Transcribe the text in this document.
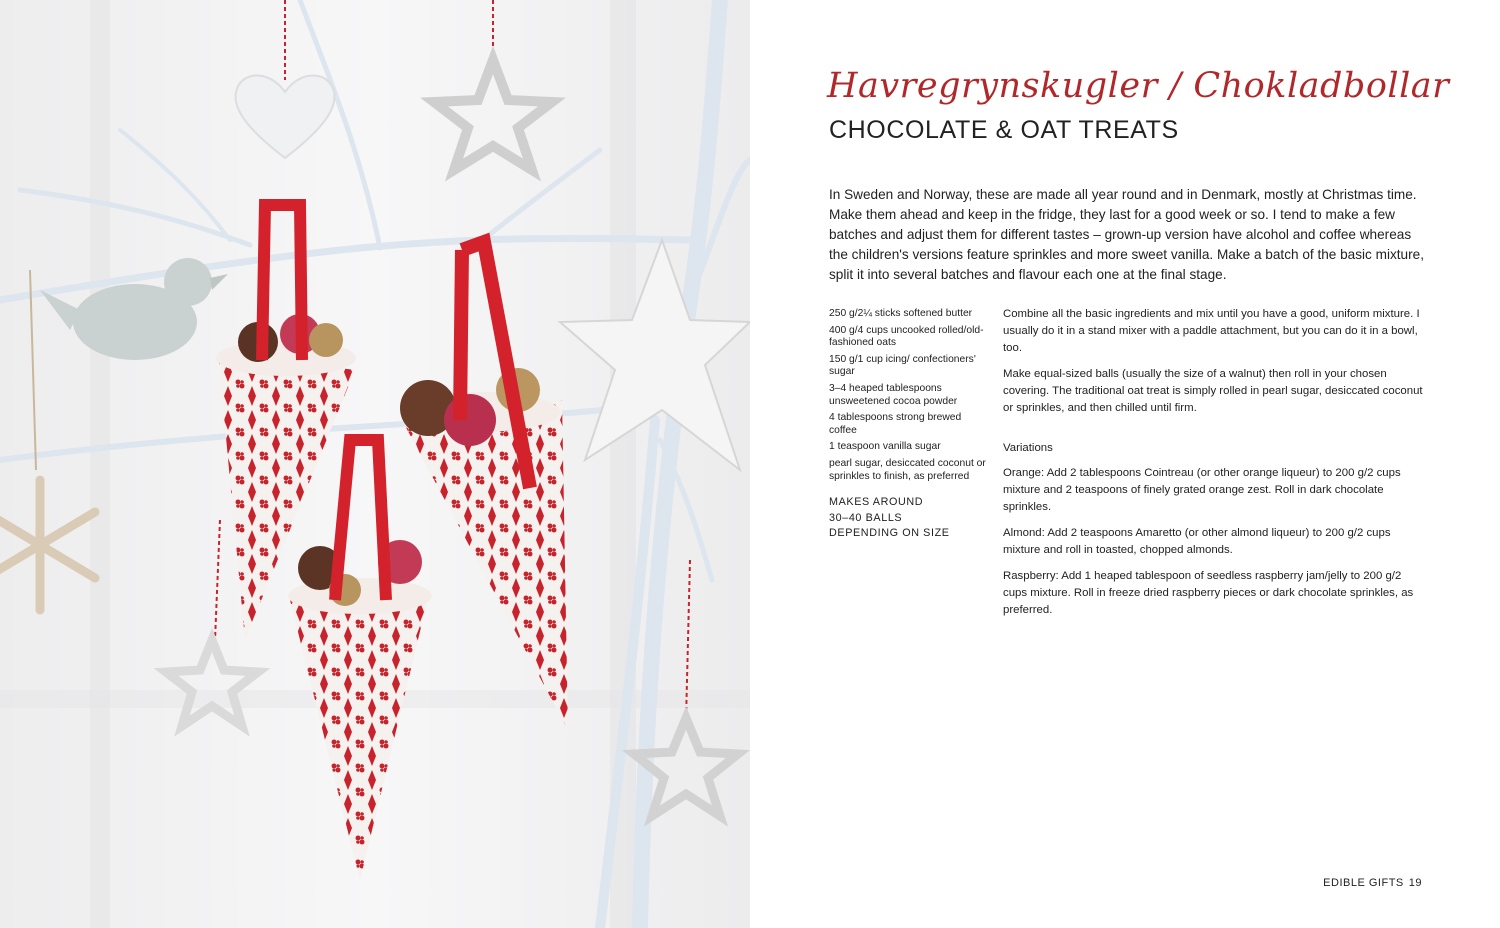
Havregrynskugler / Chokladbollar
CHOCOLATE & OAT TREATS

In Sweden and Norway, these are made all year round and in Denmark, mostly at Christmas time. Make them ahead and keep in the fridge, they last for a good week or so. I tend to make a few batches and adjust them for different tastes – grown-up version have alcohol and coffee whereas the children's versions feature sprinkles and more sweet vanilla. Make a batch of the basic mixture, split it into several batches and flavour each one at the final stage.

250 g/2¼ sticks softened butter
400 g/4 cups uncooked rolled/old-fashioned oats
150 g/1 cup icing/ confectioners' sugar
3–4 heaped tablespoons unsweetened cocoa powder
4 tablespoons strong brewed coffee
1 teaspoon vanilla sugar
pearl sugar, desiccated coconut or sprinkles to finish, as preferred
MAKES AROUND
30–40 BALLS
DEPENDING ON SIZE

Combine all the basic ingredients and mix until you have a good, uniform mixture. I usually do it in a stand mixer with a paddle attachment, but you can do it in a bowl, too.

Make equal-sized balls (usually the size of a walnut) then roll in your chosen covering. The traditional oat treat is simply rolled in pearl sugar, desiccated coconut or sprinkles, and then chilled until firm.

Variations

Orange: Add 2 tablespoons Cointreau (or other orange liqueur) to 200 g/2 cups mixture and 2 teaspoons of finely grated orange zest. Roll in dark chocolate sprinkles.

Almond: Add 2 teaspoons Amaretto (or other almond liqueur) to 200 g/2 cups mixture and roll in toasted, chopped almonds.

Raspberry: Add 1 heaped tablespoon of seedless raspberry jam/jelly to 200 g/2 cups mixture. Roll in freeze dried raspberry pieces or dark chocolate sprinkles, as preferred.

EDIBLE GIFTS 19
